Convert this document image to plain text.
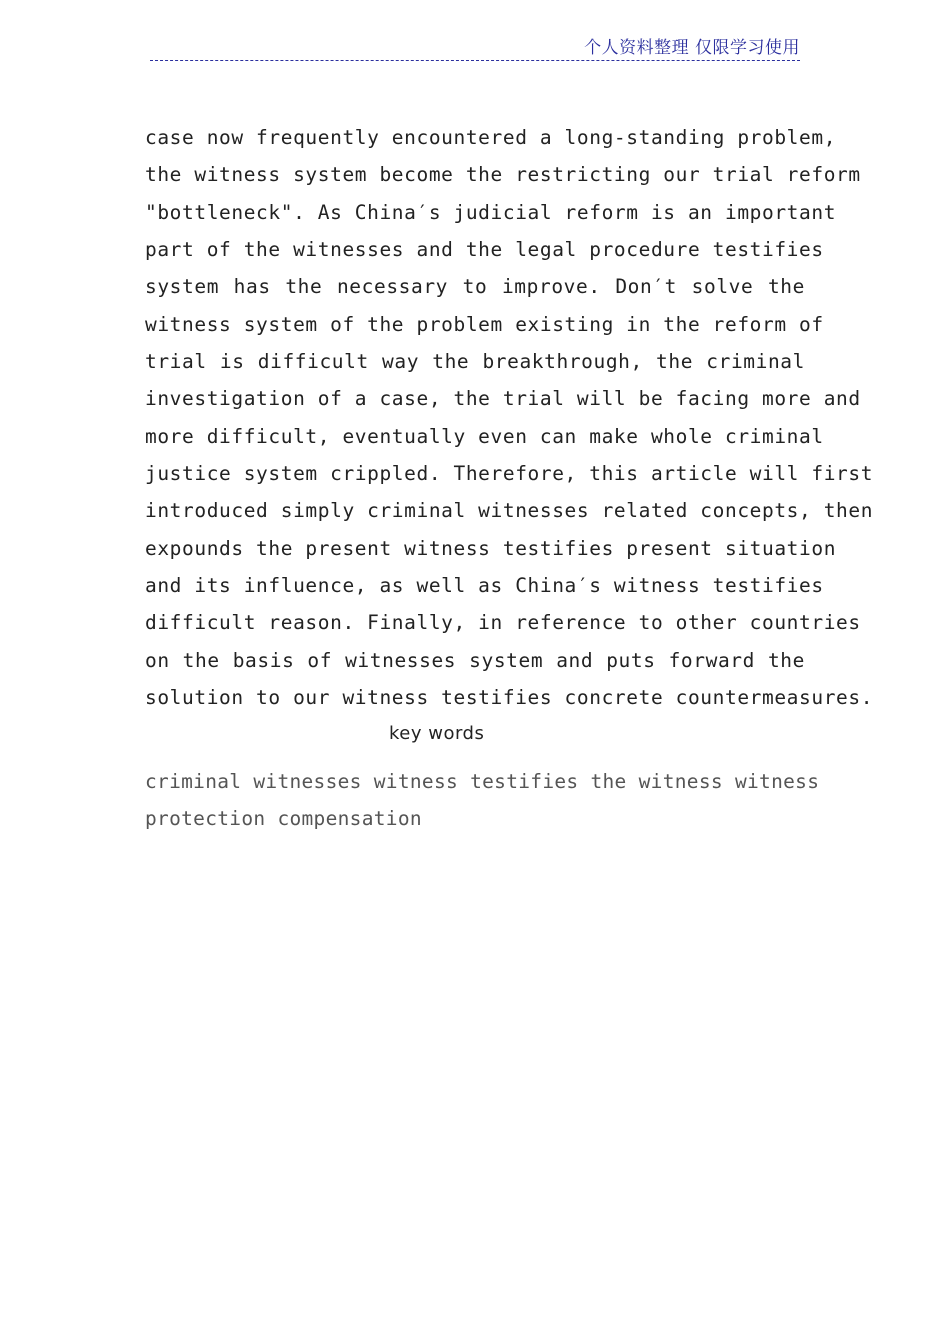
个人资料整理 仅限学习使用
case now frequently encountered a long-standing problem,
the witness system become the restricting our trial reform
"bottleneck". As China′s judicial reform is an important
part of the witnesses and the legal procedure testifies
system has the necessary to improve. Don′t solve the
witness system of the problem existing in the reform of
trial is difficult way the breakthrough, the criminal
investigation of a case, the trial will be facing more and
more difficult, eventually even can make whole criminal
justice system crippled. Therefore, this article will first
introduced simply criminal witnesses related concepts, then
expounds the present witness testifies present situation
and its influence, as well as China′s witness testifies
difficult reason. Finally, in reference to other countries
on the basis of witnesses system and puts forward the
solution to our witness testifies concrete countermeasures.
key words
criminal witnesses witness testifies the witness witness
protection compensation
